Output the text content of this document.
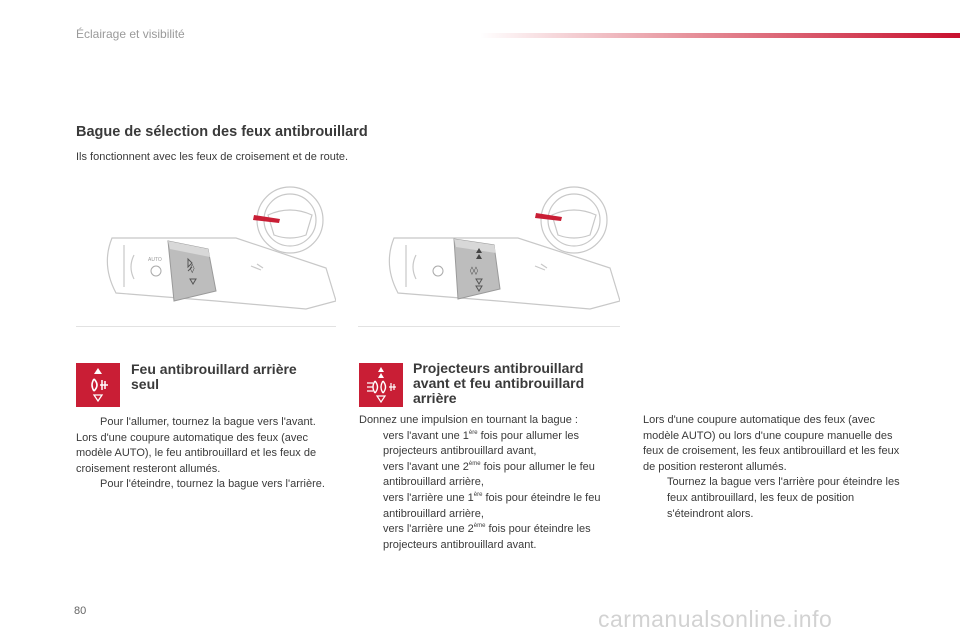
Éclairage et visibilité
Bague de sélection des feux antibrouillard
Ils fonctionnent avec les feux de croisement et de route.
AUTO
◊	◊◊
Feu antibrouillard arrière
seul

Pour l'allumer, tournez la bague vers l'avant.

Lors d'une coupure automatique des feux (avec modèle AUTO), le feu antibrouillard et les feux de croisement resteront allumés.

Pour l'éteindre, tournez la bague vers l'arrière.

Projecteurs antibrouillard
avant et feu antibrouillard
arrière

Donnez une impulsion en tournant la bague :

vers l'avant une 1ère fois pour allumer les projecteurs antibrouillard avant,

vers l'avant une 2ème fois pour allumer le feu antibrouillard arrière,

vers l'arrière une 1ère fois pour éteindre le feu antibrouillard arrière,

vers l'arrière une 2ème fois pour éteindre les projecteurs antibrouillard avant.

Lors d'une coupure automatique des feux (avec modèle AUTO) ou lors d'une coupure manuelle des feux de croisement, les feux antibrouillard et les feux de position resteront allumés.

Tournez la bague vers l'arrière pour éteindre les feux antibrouillard, les feux de position s'éteindront alors.

80	carmanualsonline.info
